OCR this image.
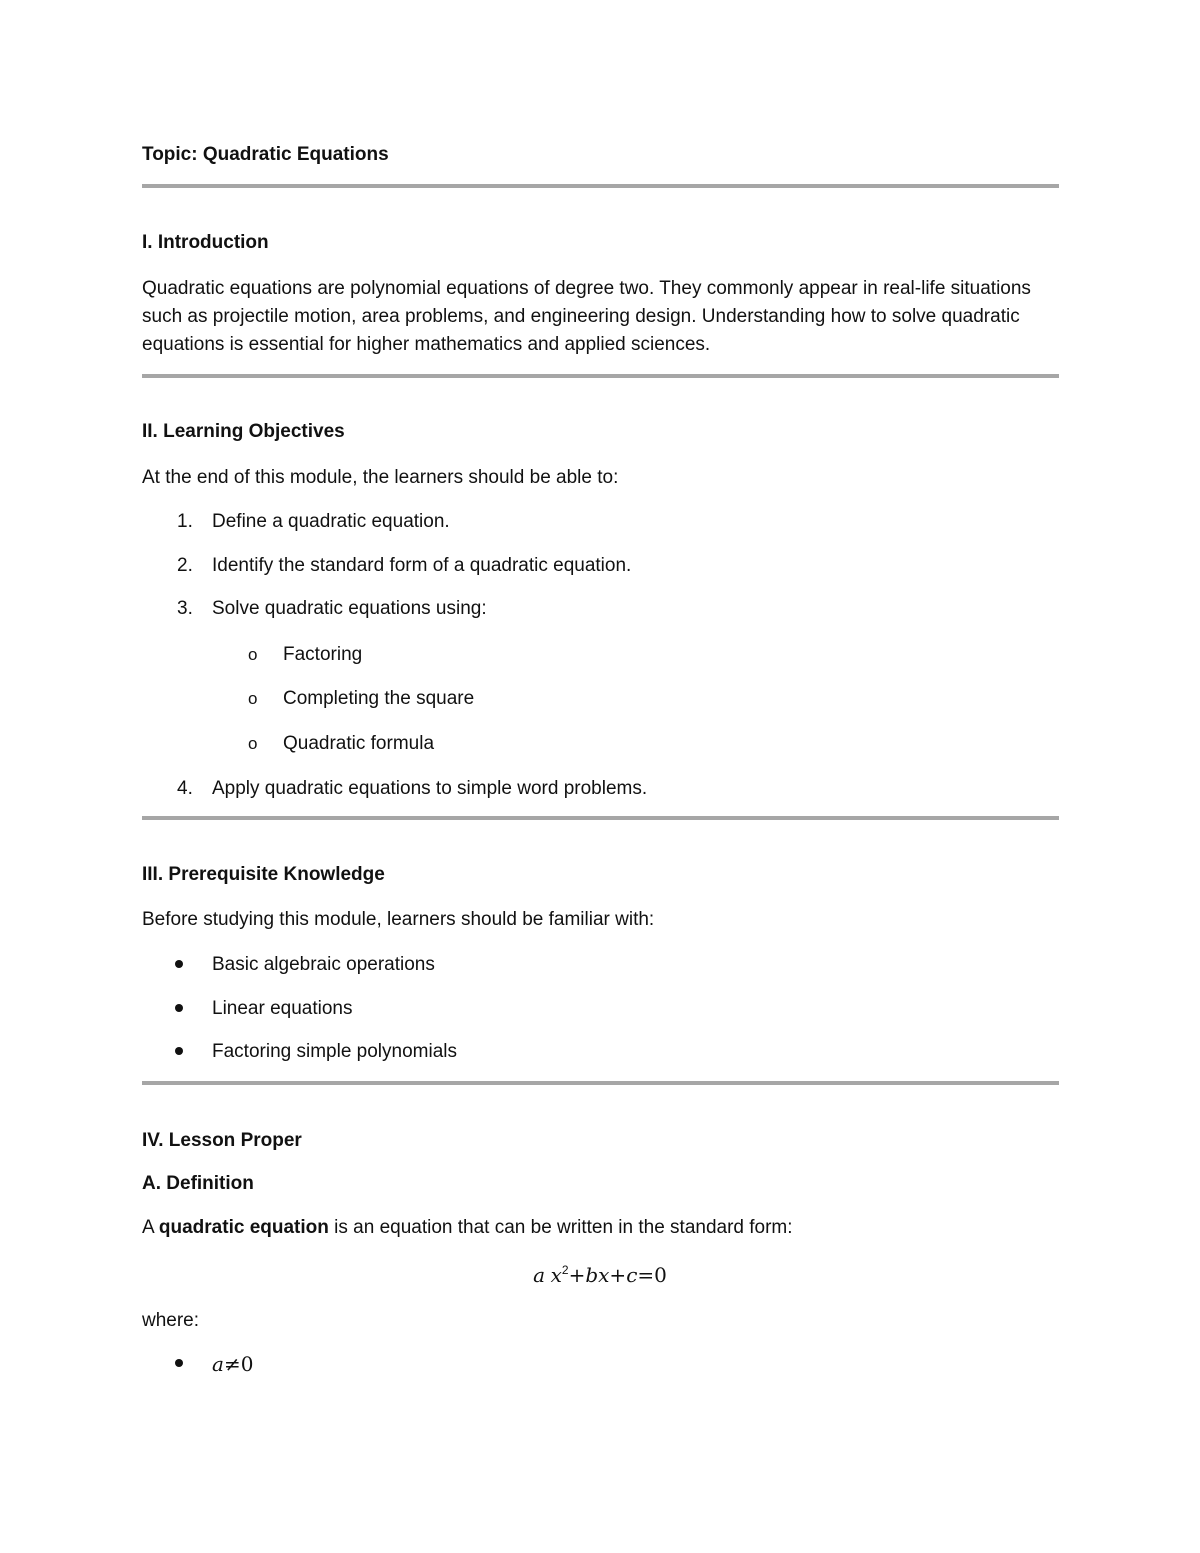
Topic: Quadratic Equations
I. Introduction
Quadratic equations are polynomial equations of degree two. They commonly appear in real-life situations such as projectile motion, area problems, and engineering design. Understanding how to solve quadratic equations is essential for higher mathematics and applied sciences.
II. Learning Objectives
At the end of this module, the learners should be able to:
1.	Define a quadratic equation.
2.	Identify the standard form of a quadratic equation.
3.	Solve quadratic equations using:
o Factoring
o Completing the square
o Quadratic formula
4.	Apply quadratic equations to simple word problems.
III. Prerequisite Knowledge
Before studying this module, learners should be familiar with:
Basic algebraic operations
Linear equations
Factoring simple polynomials
IV. Lesson Proper
A. Definition
A quadratic equation is an equation that can be written in the standard form:
a $x^2+bx+c=0$
where:
a≠0
